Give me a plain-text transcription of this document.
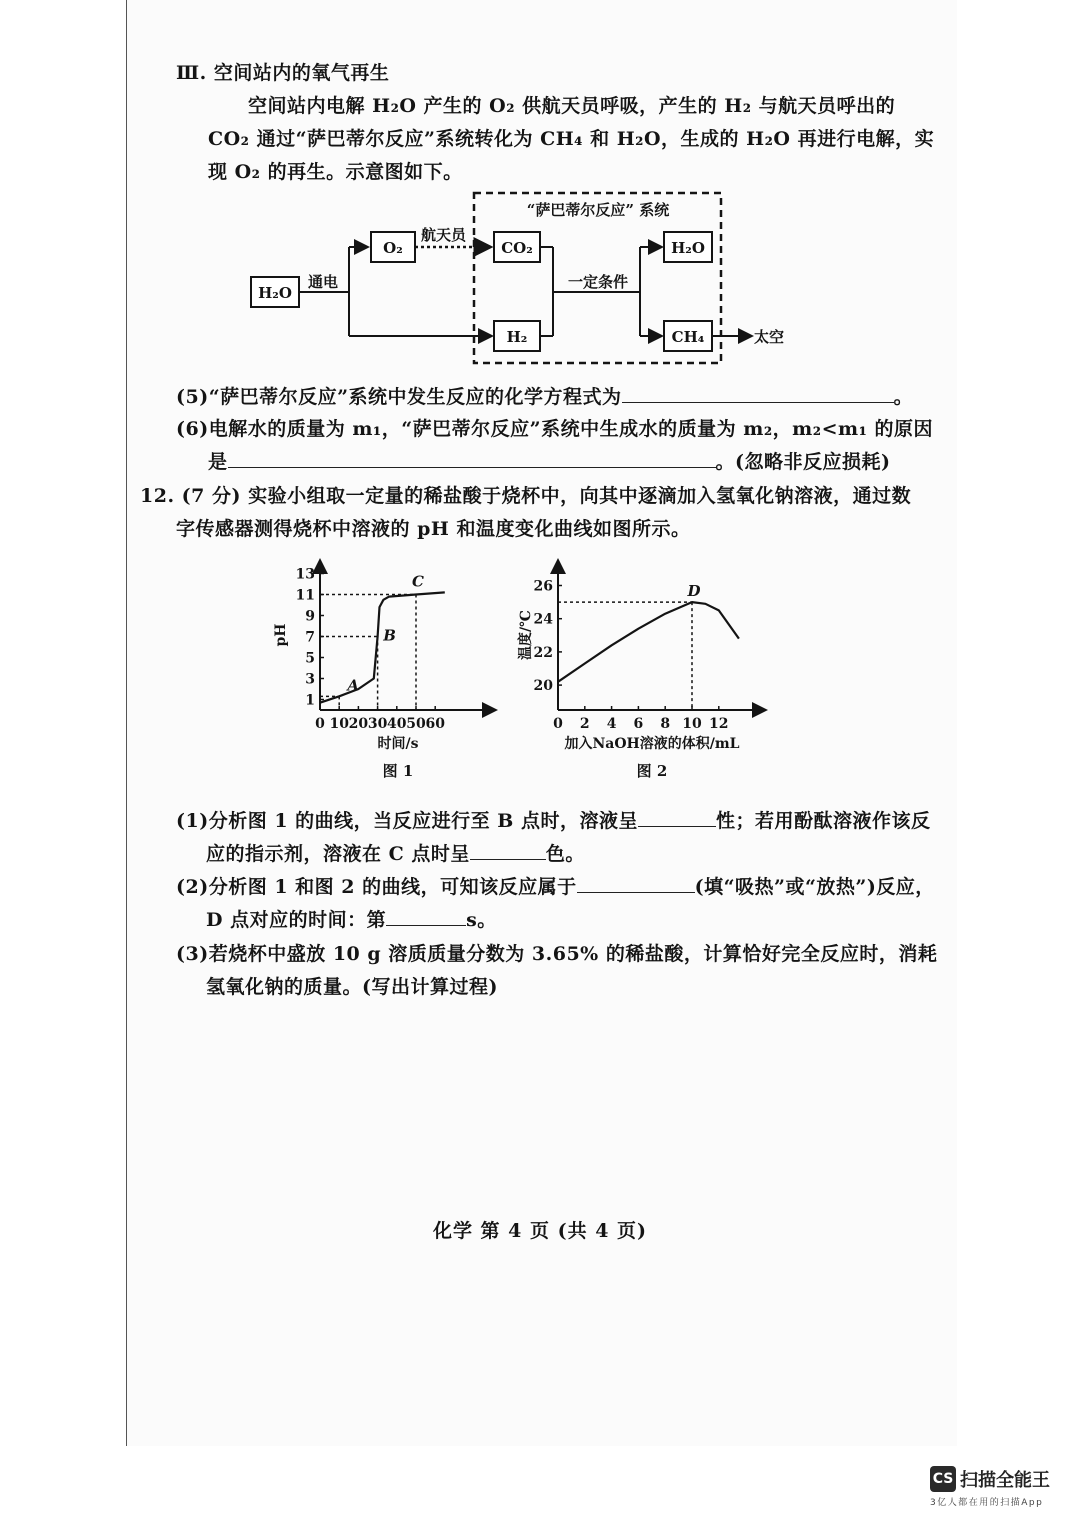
Ⅲ. 空间站内的氧气再生
空间站内电解 H₂O 产生的 O₂ 供航天员呼吸，产生的 H₂ 与航天员呼出的
CO₂ 通过“萨巴蒂尔反应”系统转化为 CH₄ 和 H₂O，生成的 H₂O 再进行电解，实
现 O₂ 的再生。示意图如下。
“萨巴蒂尔反应” 系统
H₂O
通电
O₂
航天员
CO₂
H₂
一定条件
H₂O
CH₄	太空
(5)“萨巴蒂尔反应”系统中发生反应的化学方程式为	。
(6)电解水的质量为 m₁，“萨巴蒂尔反应”系统中生成水的质量为 m₂，m₂<m₁ 的原因
是	。(忽略非反应损耗)
12. (7 分) 实验小组取一定量的稀盐酸于烧杯中，向其中逐滴加入氢氧化钠溶液，通过数
字传感器测得烧杯中溶液的 pH 和温度变化曲线如图所示。
0 10 20 30 40 50 60
1
3
5
7
9
11
13
时间/s
pH
图 1
A
B
C
0 2 4 6 8 10 12
20
22
24
26
加入NaOH溶液的体积/mL
温度/℃
图 2
D
(1)分析图 1 的曲线，当反应进行至 B 点时，溶液呈	性；若用酚酞溶液作该反
应的指示剂，溶液在 C 点时呈	色。
(2)分析图 1 和图 2 的曲线，可知该反应属于	(填“吸热”或“放热”)反应，
D 点对应的时间：第	s。
(3)若烧杯中盛放 10 g 溶质质量分数为 3.65% 的稀盐酸，计算恰好完全反应时，消耗
氢氧化钠的质量。(写出计算过程)
化学 第 4 页 (共 4 页)
CS 扫描全能王
3亿人都在用的扫描App
